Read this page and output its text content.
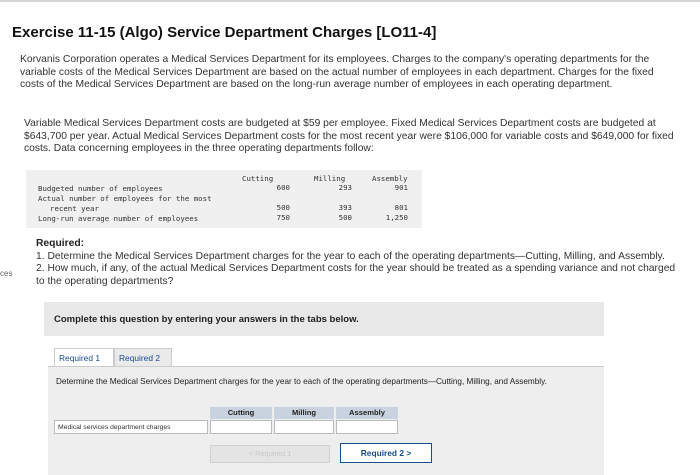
Exercise 11-15 (Algo) Service Department Charges [LO11-4]
Korvanis Corporation operates a Medical Services Department for its employees. Charges to the company's operating departments for the variable costs of the Medical Services Department are based on the actual number of employees in each department. Charges for the fixed costs of the Medical Services Department are based on the long-run average number of employees in each operating department.
Variable Medical Services Department costs are budgeted at $59 per employee. Fixed Medical Services Department costs are budgeted at $643,700 per year. Actual Medical Services Department costs for the most recent year were $106,000 for variable costs and $649,000 for fixed costs. Data concerning employees in the three operating departments follow:
Cutting	Milling	Assembly
Budgeted number of employees	600	293	901
Actual number of employees for the most
recent year	500	393	801
Long-run average number of employees	750	500	1,250
Required:
1. Determine the Medical Services Department charges for the year to each of the operating departments—Cutting, Milling, and Assembly.
2. How much, if any, of the actual Medical Services Department costs for the year should be treated as a spending variance and not charged to the operating departments?
ces
Complete this question by entering your answers in the tabs below.
Required 1	Required 2
Determine the Medical Services Department charges for the year to each of the operating departments—Cutting, Milling, and Assembly.
Cutting	Milling	Assembly
Medical services department charges
< Required 1	Required 2 >
